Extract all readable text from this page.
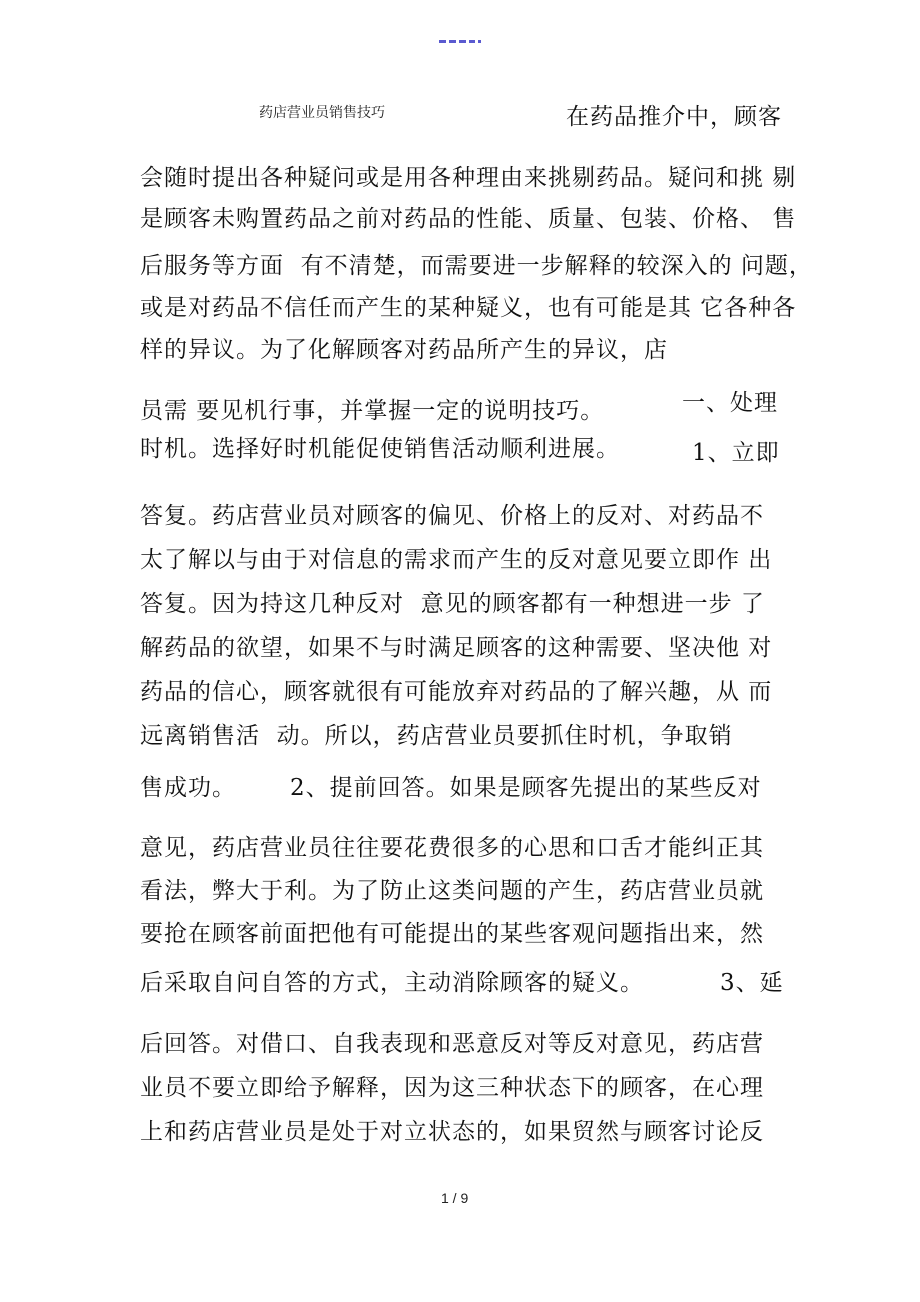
药店营业员销售技巧	在药品推介中，顾客
会随时提出各种疑问或是用各种理由来挑剔药品。疑问和挑 剔
是顾客未购置药品之前对药品的性能、质量、包装、价格、 售
后服务等方面  有不清楚，而需要进一步解释的较深入的 问题，
或是对药品不信任而产生的某种疑义，也有可能是其 它各种各
样的异议。为了化解顾客对药品所产生的异议，店
员需 要见机行事，并掌握一定的说明技巧。	一、处理
时机。选择好时机能促使销售活动顺利进展。	1、立即
答复。药店营业员对顾客的偏见、价格上的反对、对药品不
太了解以与由于对信息的需求而产生的反对意见要立即作 出
答复。因为持这几种反对  意见的顾客都有一种想进一步 了
解药品的欲望，如果不与时满足顾客的这种需要、坚决他 对
药品的信心，顾客就很有可能放弃对药品的了解兴趣，从 而
远离销售活  动。所以，药店营业员要抓住时机，争取销
售成功。 2、提前回答。如果是顾客先提出的某些反对
意见，药店营业员往往要花费很多的心思和口舌才能纠正其
看法，弊大于利。为了防止这类问题的产生，药店营业员就
要抢在顾客前面把他有可能提出的某些客观问题指出来，然
后采取自问自答的方式，主动消除顾客的疑义。	3、延
后回答。对借口、自我表现和恶意反对等反对意见，药店营
业员不要立即给予解释，因为这三种状态下的顾客，在心理
上和药店营业员是处于对立状态的，如果贸然与顾客讨论反
1 / 9
